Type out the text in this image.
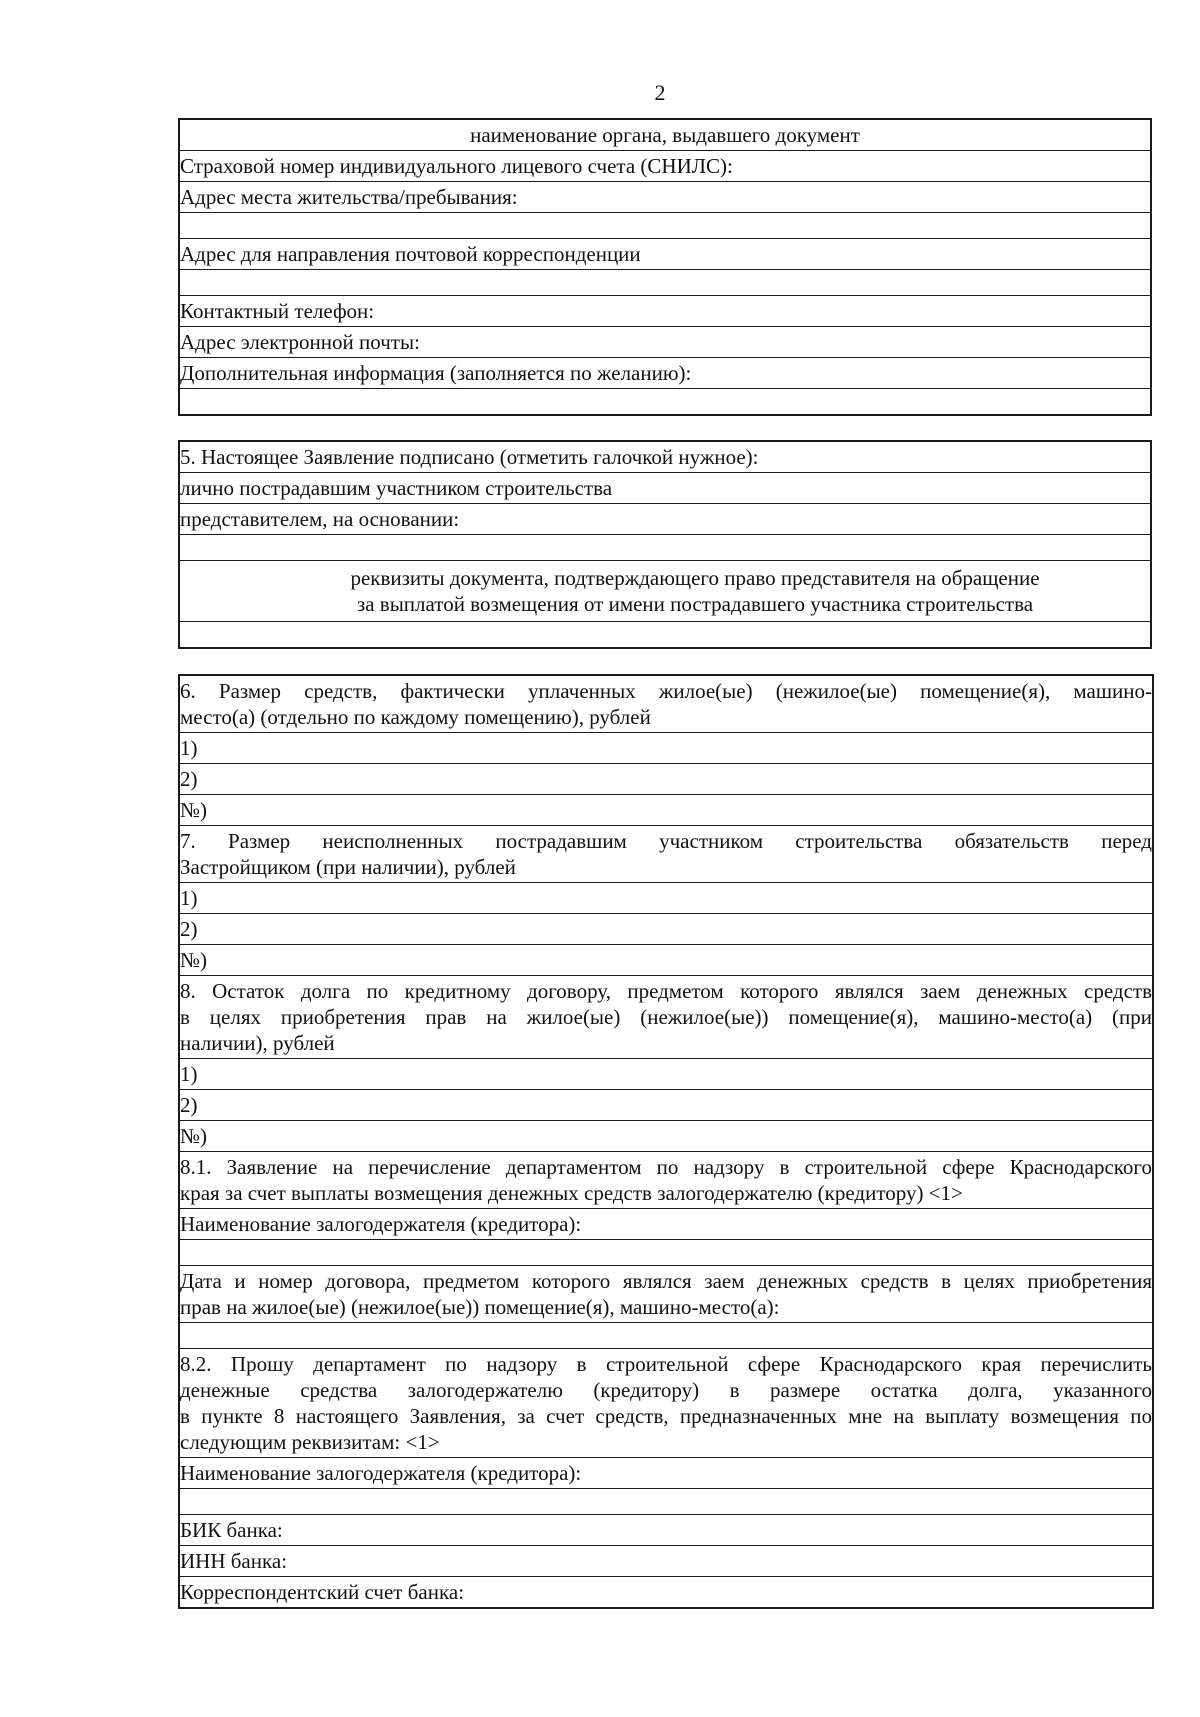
2
наименование органа, выдавшего документ
Страховой номер индивидуального лицевого счета (СНИЛС):
Адрес места жительства/пребывания:
Адрес для направления почтовой корреспонденции
Контактный телефон:
Адрес электронной почты:
Дополнительная информация (заполняется по желанию):
5. Настоящее Заявление подписано (отметить галочкой нужное):
лично пострадавшим участником строительства
представителем, на основании:
реквизиты документа, подтверждающего право представителя на обращение
за выплатой возмещения от имени пострадавшего участника строительства
6. Размер средств, фактически уплаченных жилое(ые) (нежилое(ые) помещение(я), машино-
место(а) (отдельно по каждому помещению), рублей
1)
2)
№)
7. Размер неисполненных пострадавшим участником строительства обязательств перед
Застройщиком (при наличии), рублей
1)
2)
№)
8. Остаток долга по кредитному договору, предметом которого являлся заем денежных средств
в целях приобретения прав на жилое(ые) (нежилое(ые)) помещение(я), машино-место(а) (при
наличии), рублей
1)
2)
№)
8.1. Заявление на перечисление департаментом по надзору в строительной сфере Краснодарского
края за счет выплаты возмещения денежных средств залогодержателю (кредитору) <1>
Наименование залогодержателя (кредитора):
Дата и номер договора, предметом которого являлся заем денежных средств в целях приобретения
прав на жилое(ые) (нежилое(ые)) помещение(я), машино-место(а):
8.2. Прошу департамент по надзору в строительной сфере Краснодарского края перечислить
денежные средства залогодержателю (кредитору) в размере остатка долга, указанного
в пункте 8 настоящего Заявления, за счет средств, предназначенных мне на выплату возмещения по
следующим реквизитам: <1>
Наименование залогодержателя (кредитора):
БИК банка:
ИНН банка:
Корреспондентский счет банка:
